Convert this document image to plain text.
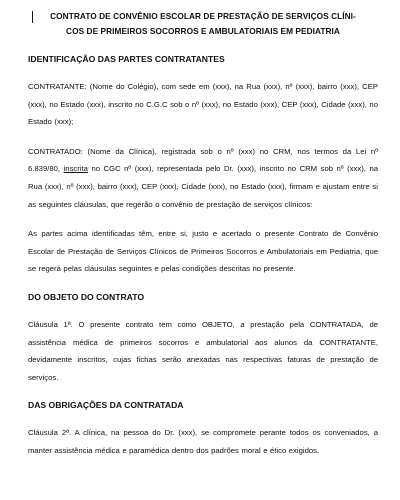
CONTRATO DE CONVÊNIO ESCOLAR DE PRESTAÇÃO DE SERVIÇOS CLÍNI-
COS DE PRIMEIROS SOCORROS E AMBULATORIAIS EM PEDIATRIA
IDENTIFICAÇÃO DAS PARTES CONTRATANTES

CONTRATANTE: (Nome do Colégio), com sede em (xxx), na Rua (xxx), nº (xxx), bairro (xxx), CEP (xxx), no Estado (xxx), inscrito no C.G.C sob o nº (xxx), no Estado (xxx), CEP (xxx), Cidade (xxx), no Estado (xxx);

CONTRATADO: (Nome da Clínica), registrada sob o nº (xxx) no CRM, nos termos da Lei nº 6.839/80, inscrita no CGC nº (xxx), representada pelo Dr. (xxx), inscrito no CRM sob nº (xxx), na Rua (xxx), nº (xxx), bairro (xxx), CEP (xxx), Cidade (xxx), no Estado (xxx), firmam e ajustam entre si as seguintes cláusulas, que regerão o convênio de prestação de serviços clínicos:

As partes acima identificadas têm, entre si, justo e acertado o presente Contrato de Convênio Escolar de Prestação de Serviços Clínicos de Primeiros Socorros e Ambulatoriais em Pediatria, que se regerá pelas cláusulas seguintes e pelas condições descritas no presente.

DO OBJETO DO CONTRATO

Cláusula 1ª. O presente contrato tem como OBJETO, a prestação pela CONTRATADA, de assistência médica de primeiros socorros e ambulatorial aos alunos da CONTRATANTE, devidamente inscritos, cujas fichas serão anexadas nas respectivas faturas de prestação de serviços.

DAS OBRIGAÇÕES DA CONTRATADA

Cláusula 2ª. A clínica, na pessoa do Dr. (xxx), se compromete perante todos os conveniados, a manter assistência médica e paramédica dentro dos padrões moral e ético exigidos.
